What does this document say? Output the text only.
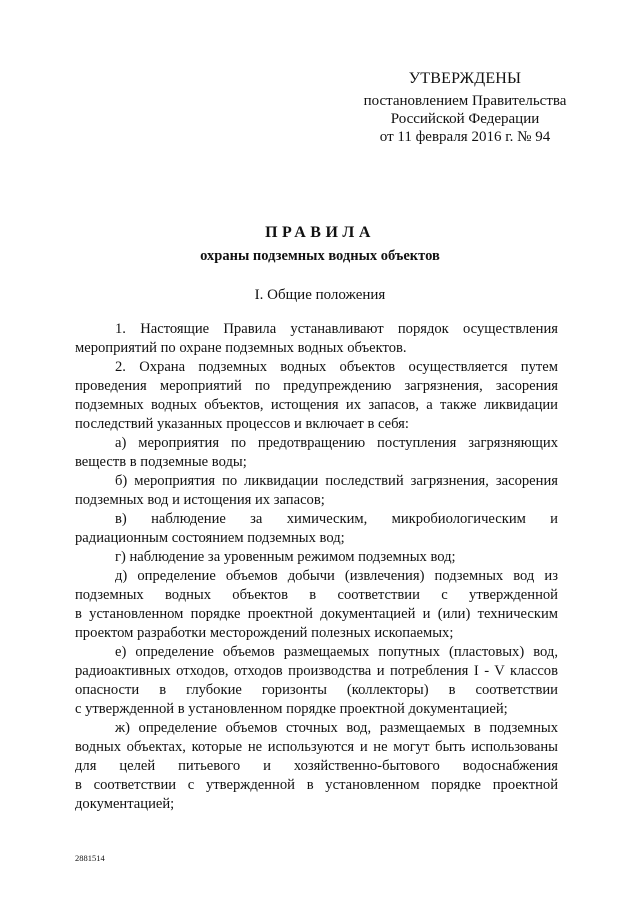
УТВЕРЖДЕНЫ
постановлением Правительства
Российской Федерации
от 11 февраля 2016 г. № 94
ПРАВИЛА
охраны подземных водных объектов
I. Общие положения
1. Настоящие Правила устанавливают порядок осуществления
мероприятий по охране подземных водных объектов.
2. Охрана подземных водных объектов осуществляется путем
проведения мероприятий по предупреждению загрязнения, засорения
подземных водных объектов, истощения их запасов, а также ликвидации
последствий указанных процессов и включает в себя:
а) мероприятия по предотвращению поступления загрязняющих
веществ в подземные воды;
б) мероприятия по ликвидации последствий загрязнения, засорения
подземных вод и истощения их запасов;
в) наблюдение за химическим, микробиологическим и
радиационным состоянием подземных вод;
г) наблюдение за уровенным режимом подземных вод;
д) определение объемов добычи (извлечения) подземных вод из
подземных водных объектов в соответствии с утвержденной
в установленном порядке проектной документацией и (или) техническим
проектом разработки месторождений полезных ископаемых;
е) определение объемов размещаемых попутных (пластовых) вод,
радиоактивных отходов, отходов производства и потребления I - V классов
опасности в глубокие горизонты (коллекторы) в соответствии
с утвержденной в установленном порядке проектной документацией;
ж) определение объемов сточных вод, размещаемых в подземных
водных объектах, которые не используются и не могут быть использованы
для целей питьевого и хозяйственно-бытового водоснабжения
в соответствии с утвержденной в установленном порядке проектной
документацией;
2881514
